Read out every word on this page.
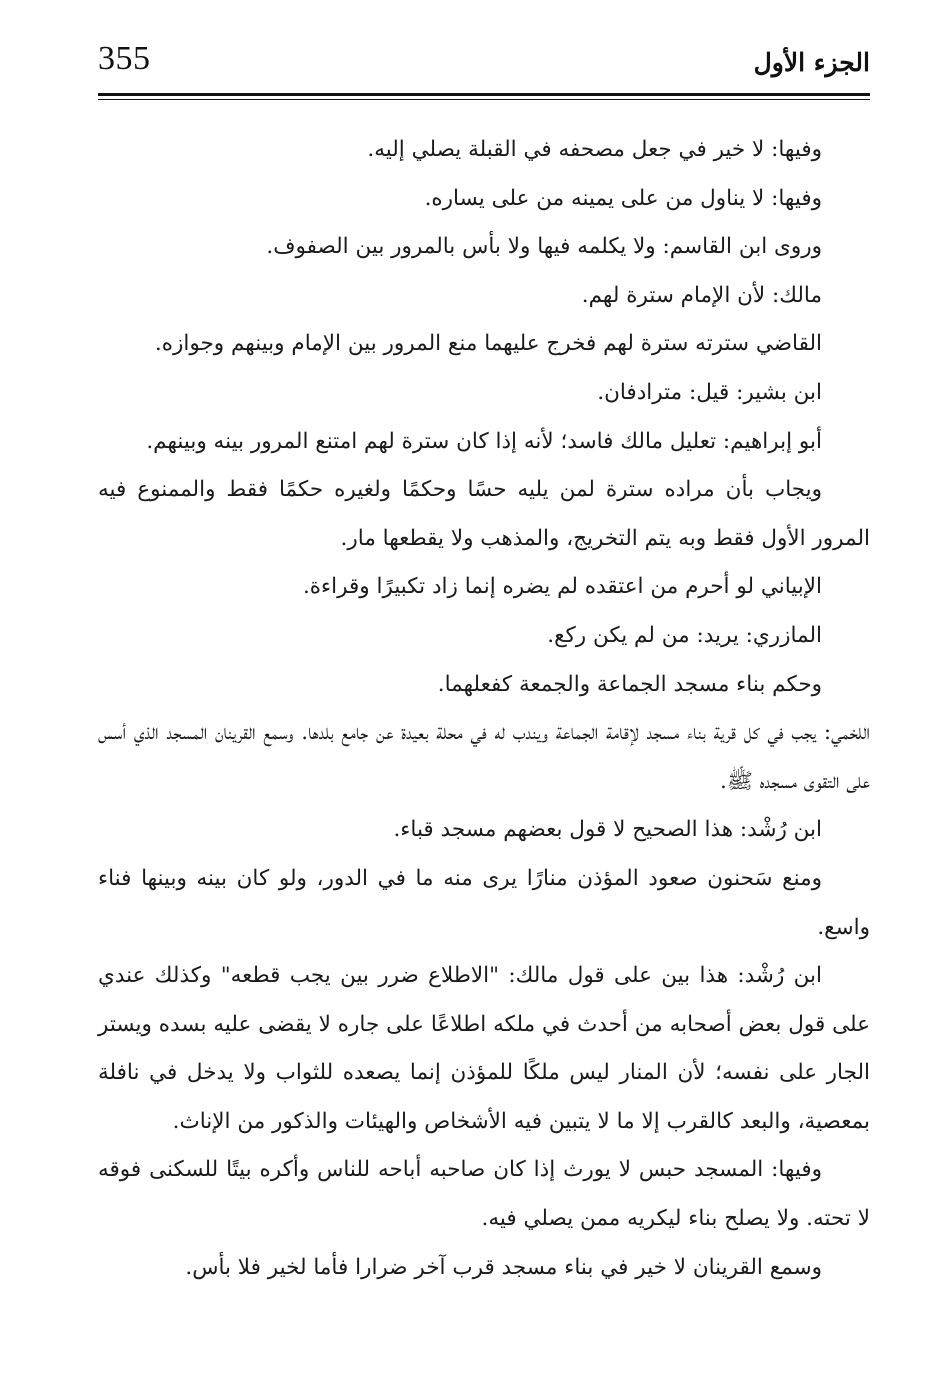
355	الجزء الأول

وفيها: لا خير في جعل مصحفه في القبلة يصلي إليه.

وفيها: لا يناول من على يمينه من على يساره.

وروى ابن القاسم: ولا يكلمه فيها ولا بأس بالمرور بين الصفوف.

مالك: لأن الإمام سترة لهم.

القاضي سترته سترة لهم فخرج عليهما منع المرور بين الإمام وبينهم وجوازه.

ابن بشير: قيل: مترادفان.

أبو إبراهيم: تعليل مالك فاسد؛ لأنه إذا كان سترة لهم امتنع المرور بينه وبينهم.

ويجاب بأن مراده سترة لمن يليه حسًا وحكمًا ولغيره حكمًا فقط والممنوع فيه المرور الأول فقط وبه يتم التخريج، والمذهب ولا يقطعها مار.

الإبياني لو أحرم من اعتقده لم يضره إنما زاد تكبيرًا وقراءة.

المازري: يريد: من لم يكن ركع.

وحكم بناء مسجد الجماعة والجمعة كفعلهما.

اللخمي: يجب في كل قرية بناء مسجد لإقامة الجماعة ويندب له في محلة بعيدة عن جامع بلدها. وسمع القرينان المسجد الذي أسس على التقوى مسجده ﷺ.

ابن رُشْد: هذا الصحيح لا قول بعضهم مسجد قباء.

ومنع سَحنون صعود المؤذن منارًا يرى منه ما في الدور، ولو كان بينه وبينها فناء واسع.

ابن رُشْد: هذا بين على قول مالك: "الاطلاع ضرر بين يجب قطعه" وكذلك عندي على قول بعض أصحابه من أحدث في ملكه اطلاعًا على جاره لا يقضى عليه بسده ويستر الجار على نفسه؛ لأن المنار ليس ملكًا للمؤذن إنما يصعده للثواب ولا يدخل في نافلة بمعصية، والبعد كالقرب إلا ما لا يتبين فيه الأشخاص والهيئات والذكور من الإناث.

وفيها: المسجد حبس لا يورث إذا كان صاحبه أباحه للناس وأكره بيتًا للسكنى فوقه لا تحته. ولا يصلح بناء ليكريه ممن يصلي فيه.

وسمع القرينان لا خير في بناء مسجد قرب آخر ضرارا فأما لخير فلا بأس.
